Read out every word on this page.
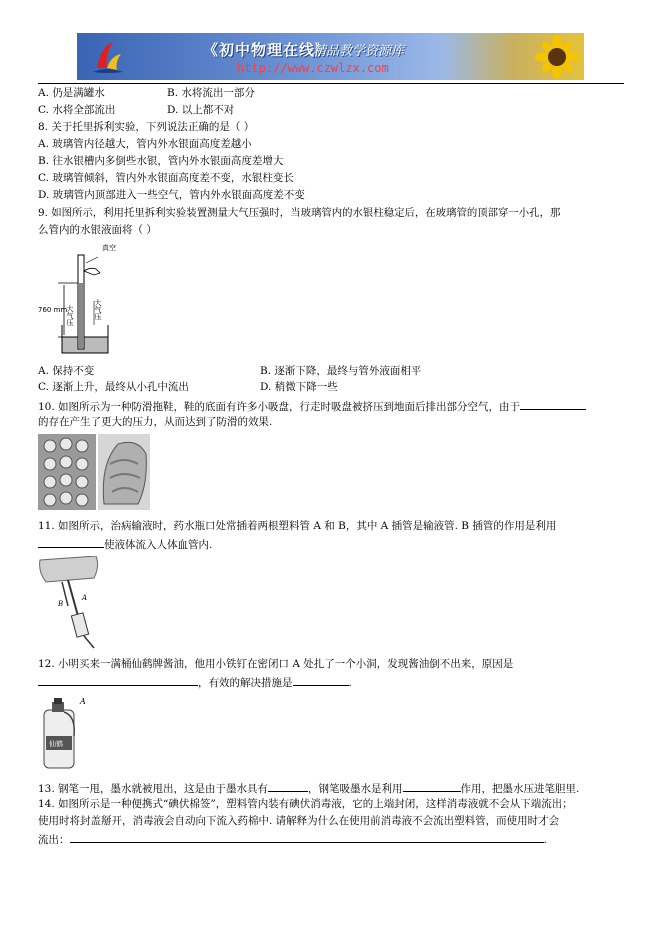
《初中物理在线》
精品教学资源库
http://www.czwlzx.com
A. 仍是满罐水	B. 水将流出一部分
C. 水将全部流出	D. 以上都不对
8. 关于托里拆利实验，下列说法正确的是（ ）
A. 玻璃管内径越大，管内外水银面高度差越小
B. 往水银槽内多倒些水银，管内外水银面高度差增大
C. 玻璃管倾斜，管内外水银面高度差不变，水银柱变长
D. 玻璃管内顶部进入一些空气，管内外水银面高度差不变
9. 如图所示，利用托里拆利实验装置测量大气压强时，当玻璃管内的水银柱稳定后，在玻璃管的顶部穿一小孔，那
么管内的水银液面将（ ）
真空
760 mm
大气压	大气压
A. 保持不变	B. 逐渐下降，最终与管外液面相平
C. 逐渐上升，最终从小孔中流出	D. 稍微下降一些
10. 如图所示为一种防滑拖鞋，鞋的底面有许多小吸盘，行走时吸盘被挤压到地面后排出部分空气，由于
的存在产生了更大的压力，从而达到了防滑的效果.
11. 如图所示，治病输液时，药水瓶口处常插着两根塑料管 A 和 B，其中 A 插管是输液管. B 插管的作用是利用
使液体流入人体血管内.
B
A
12. 小明买来一满桶仙鹤牌酱油，他用小铁钉在密闭口 A 处扎了一个小洞，发现酱油倒不出来，原因是
，有效的解决措施是	.
仙鹤
A
13. 钢笔一甩，墨水就被甩出，这是由于墨水具有	，钢笔吸墨水是利用	作用，把墨水压进笔胆里.
14. 如图所示是一种便携式“碘伏棉签”，塑料管内装有碘伏消毒液，它的上端封闭，这样消毒液就不会从下端流出；
使用时将封盖掰开，消毒液会自动向下流入药棉中. 请解释为什么在使用前消毒液不会流出塑料管，而使用时才会
流出：	.
